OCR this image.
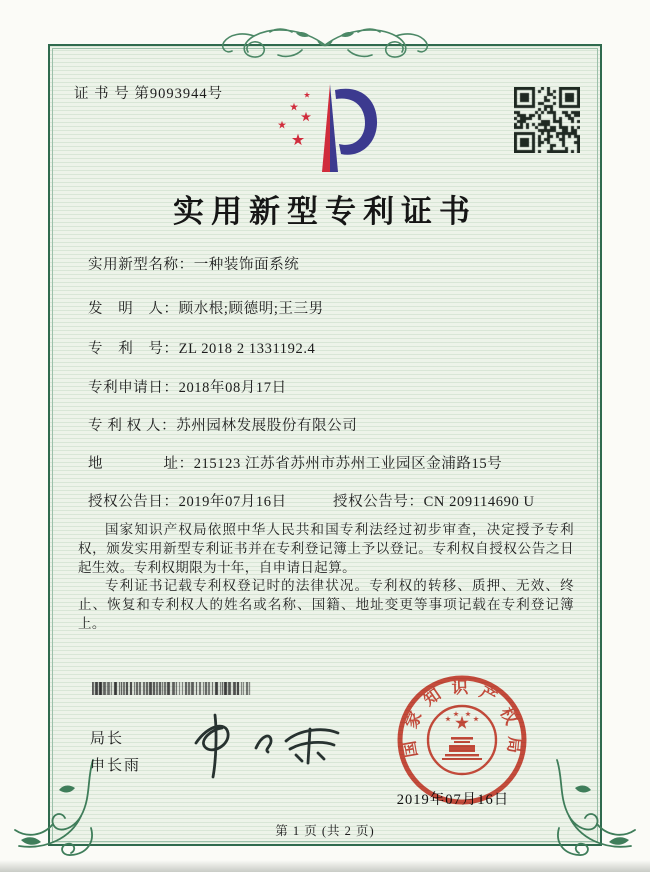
证 书 号 第9093944号
实用新型专利证书
实用新型名称：一种装饰面系统
发　明　人：顾水根;顾德明;王三男
专　利　号：ZL 2018 2 1331192.4
专利申请日：2018年08月17日
专 利 权 人：苏州园林发展股份有限公司
地　　　　址：215123 江苏省苏州市苏州工业园区金浦路15号
授权公告日：2019年07月16日	授权公告号：CN 209114690 U

国家知识产权局依照中华人民共和国专利法经过初步审查，决定授予专利权，颁发实用新型专利证书并在专利登记簿上予以登记。专利权自授权公告之日起生效。专利权期限为十年，自申请日起算。

专利证书记载专利权登记时的法律状况。专利权的转移、质押、无效、终止、恢复和专利权人的姓名或名称、国籍、地址变更等事项记载在专利登记簿上。

局长
申长雨
2019年07月16日
国家知识产权局
第 1 页 (共 2 页)
